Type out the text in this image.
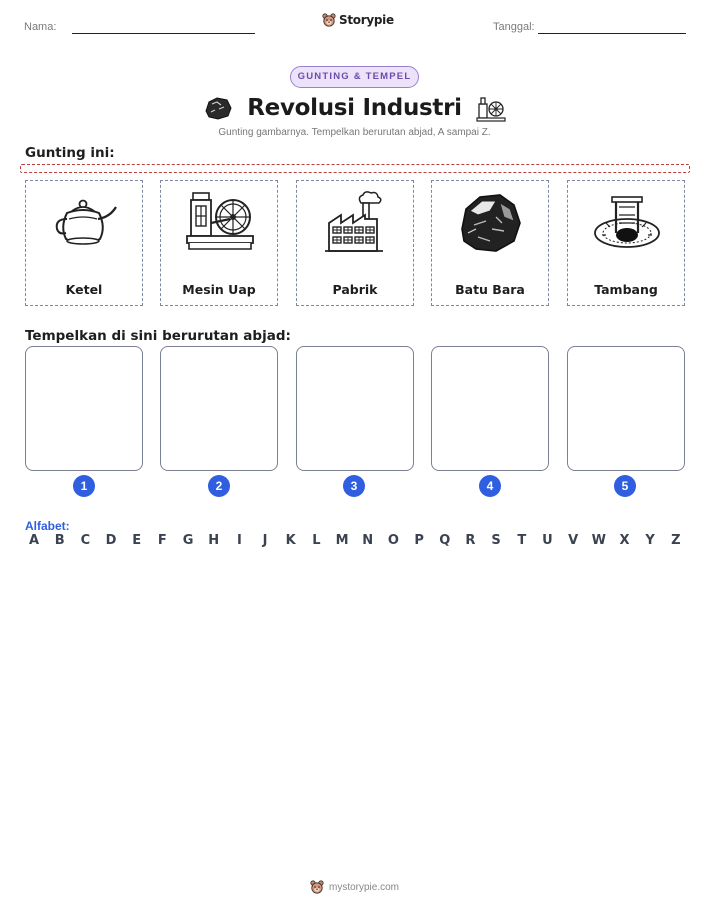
Nama:	Storypie	Tanggal:
GUNTING & TEMPEL
Revolusi Industri
Gunting gambarnya. Tempelkan berurutan abjad, A sampai Z.
Gunting ini:
Ketel	Mesin Uap	Pabrik	Batu Bara	Tambang
Tempelkan di sini berurutan abjad:
1	2	3	4	5
Alfabet:
A	B	C	D	E	F	G H	I	J	K	L	M N O	P	Q	R	S	T	U	V	W	X	Y	Z
mystorypie.com
